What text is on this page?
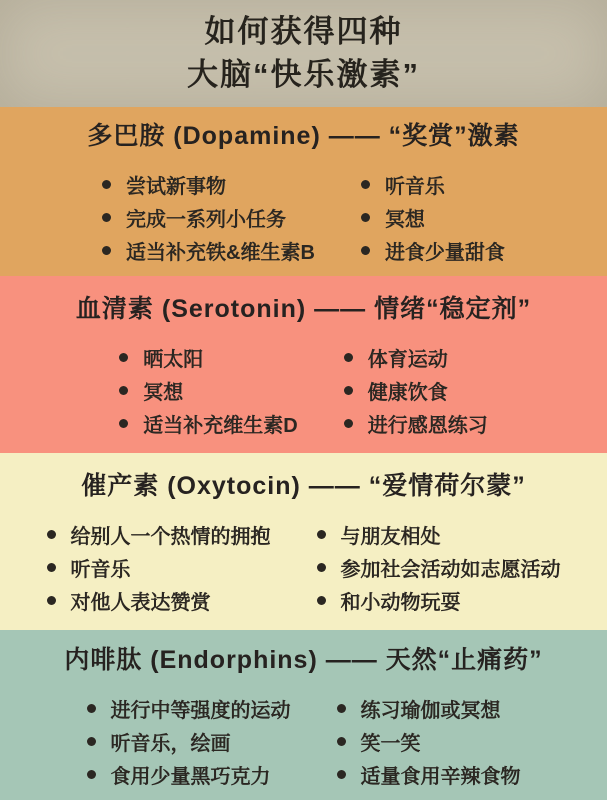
如何获得四种
大脑“快乐激素”
多巴胺 (Dopamine) —— “奖赏”激素
尝试新事物
完成一系列小任务
适当补充铁&维生素B
听音乐
冥想
进食少量甜食
血清素 (Serotonin) —— 情绪“稳定剂”
晒太阳
冥想
适当补充维生素D
体育运动
健康饮食
进行感恩练习
催产素 (Oxytocin) —— “爱情荷尔蒙”
给别人一个热情的拥抱
听音乐
对他人表达赞赏
与朋友相处
参加社会活动如志愿活动
和小动物玩耍
内啡肽 (Endorphins) —— 天然“止痛药”
进行中等强度的运动
听音乐，绘画
食用少量黑巧克力
练习瑜伽或冥想
笑一笑
适量食用辛辣食物
